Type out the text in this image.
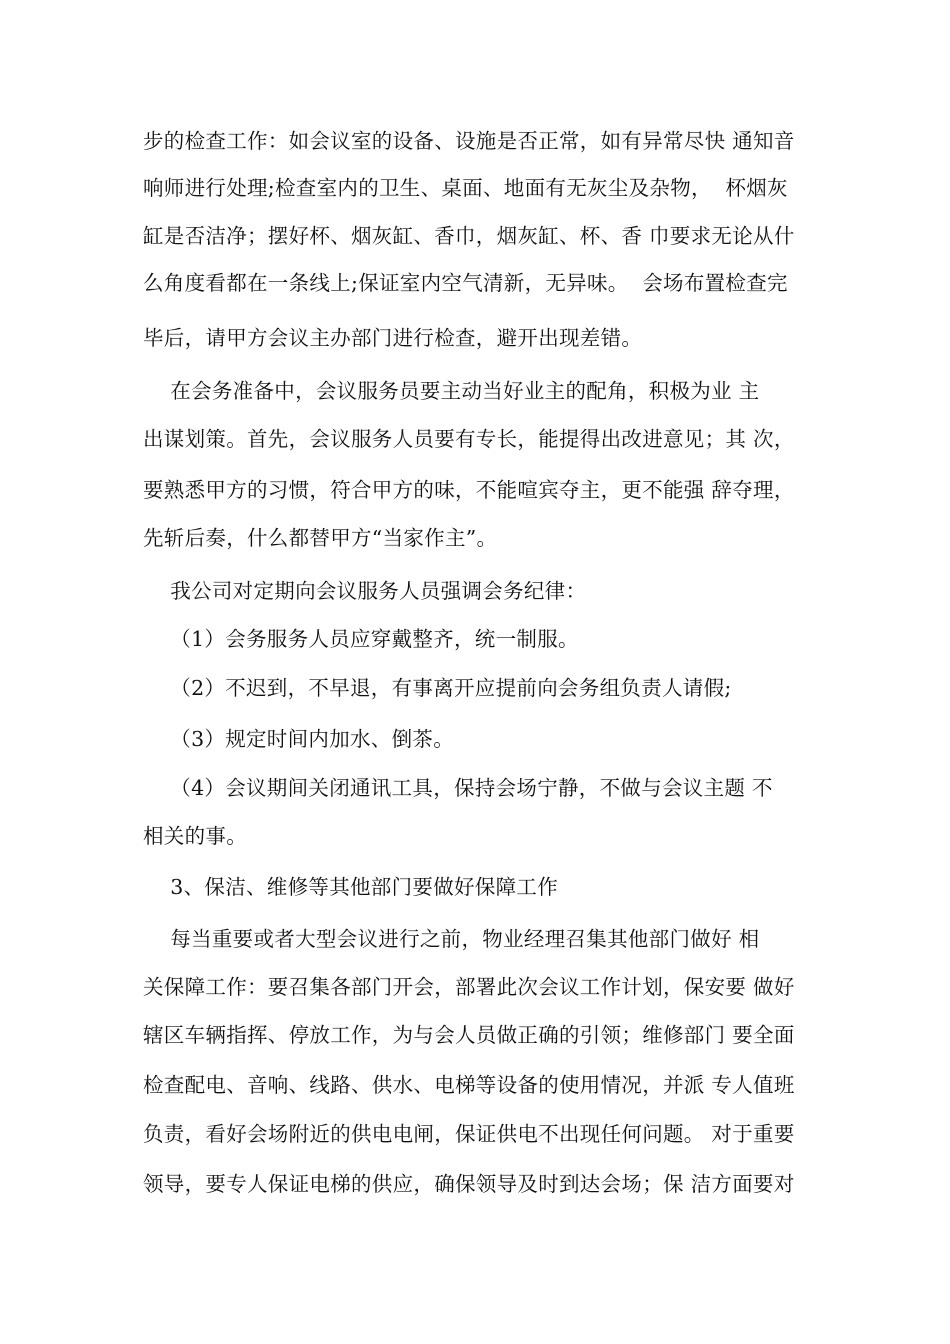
步的检查工作：如会议室的设备、设施是否正常，如有异常尽快 通知音
响师进行处理;检查室内的卫生、桌面、地面有无灰尘及杂物，  杯烟灰
缸是否洁净；摆好杯、烟灰缸、香巾，烟灰缸、杯、香 巾要求无论从什
么角度看都在一条线上;保证室内空气清新，无异味。  会场布置检查完
毕后，请甲方会议主办部门进行检查，避开出现差错。
在会务准备中，会议服务员要主动当好业主的配角，积极为业 主
出谋划策。首先，会议服务人员要有专长，能提得出改进意见；其 次，
要熟悉甲方的习惯，符合甲方的味，不能喧宾夺主，更不能强 辞夺理，
先斩后奏，什么都替甲方“当家作主”。
我公司对定期向会议服务人员强调会务纪律：
（1）会务服务人员应穿戴整齐，统一制服。
（2）不迟到，不早退，有事离开应提前向会务组负责人请假;
（3）规定时间内加水、倒茶。
（4）会议期间关闭通讯工具，保持会场宁静，不做与会议主题 不
相关的事。
3、保洁、维修等其他部门要做好保障工作
每当重要或者大型会议进行之前，物业经理召集其他部门做好 相
关保障工作：要召集各部门开会，部署此次会议工作计划，保安要 做好
辖区车辆指挥、停放工作，为与会人员做正确的引领；维修部门 要全面
检查配电、音响、线路、供水、电梯等设备的使用情况，并派 专人值班
负责，看好会场附近的供电电闸，保证供电不出现任何问题。 对于重要
领导，要专人保证电梯的供应，确保领导及时到达会场；保 洁方面要对
